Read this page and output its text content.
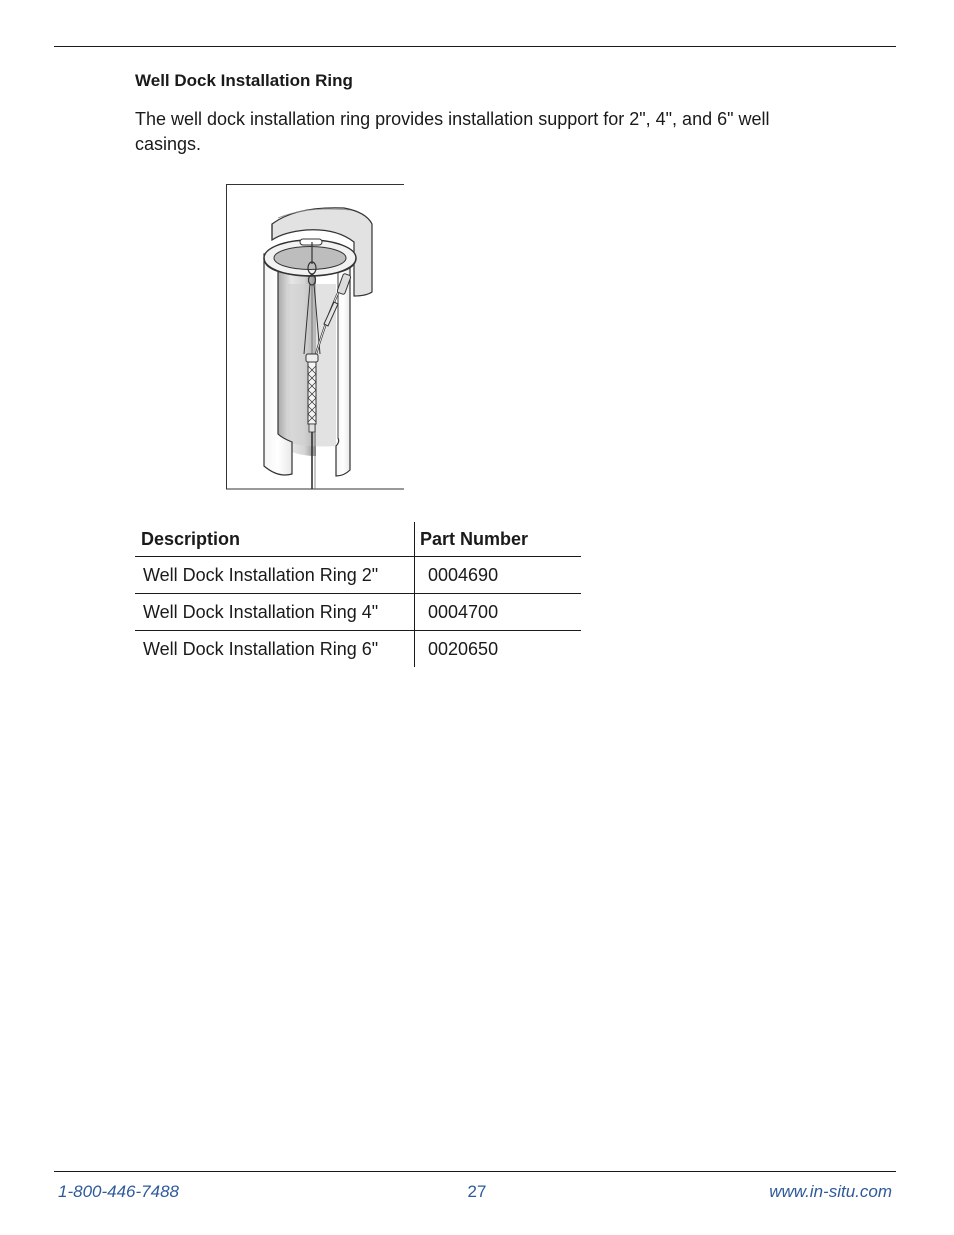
Well Dock Installation Ring

The well dock installation ring provides installation support for 2", 4", and 6" well casings.

Description	Part Number
Well Dock Installation Ring 2"	0004690
Well Dock Installation Ring 4"	0004700
Well Dock Installation Ring 6"	0020650
1-800-446-7488	27	www.in-situ.com
